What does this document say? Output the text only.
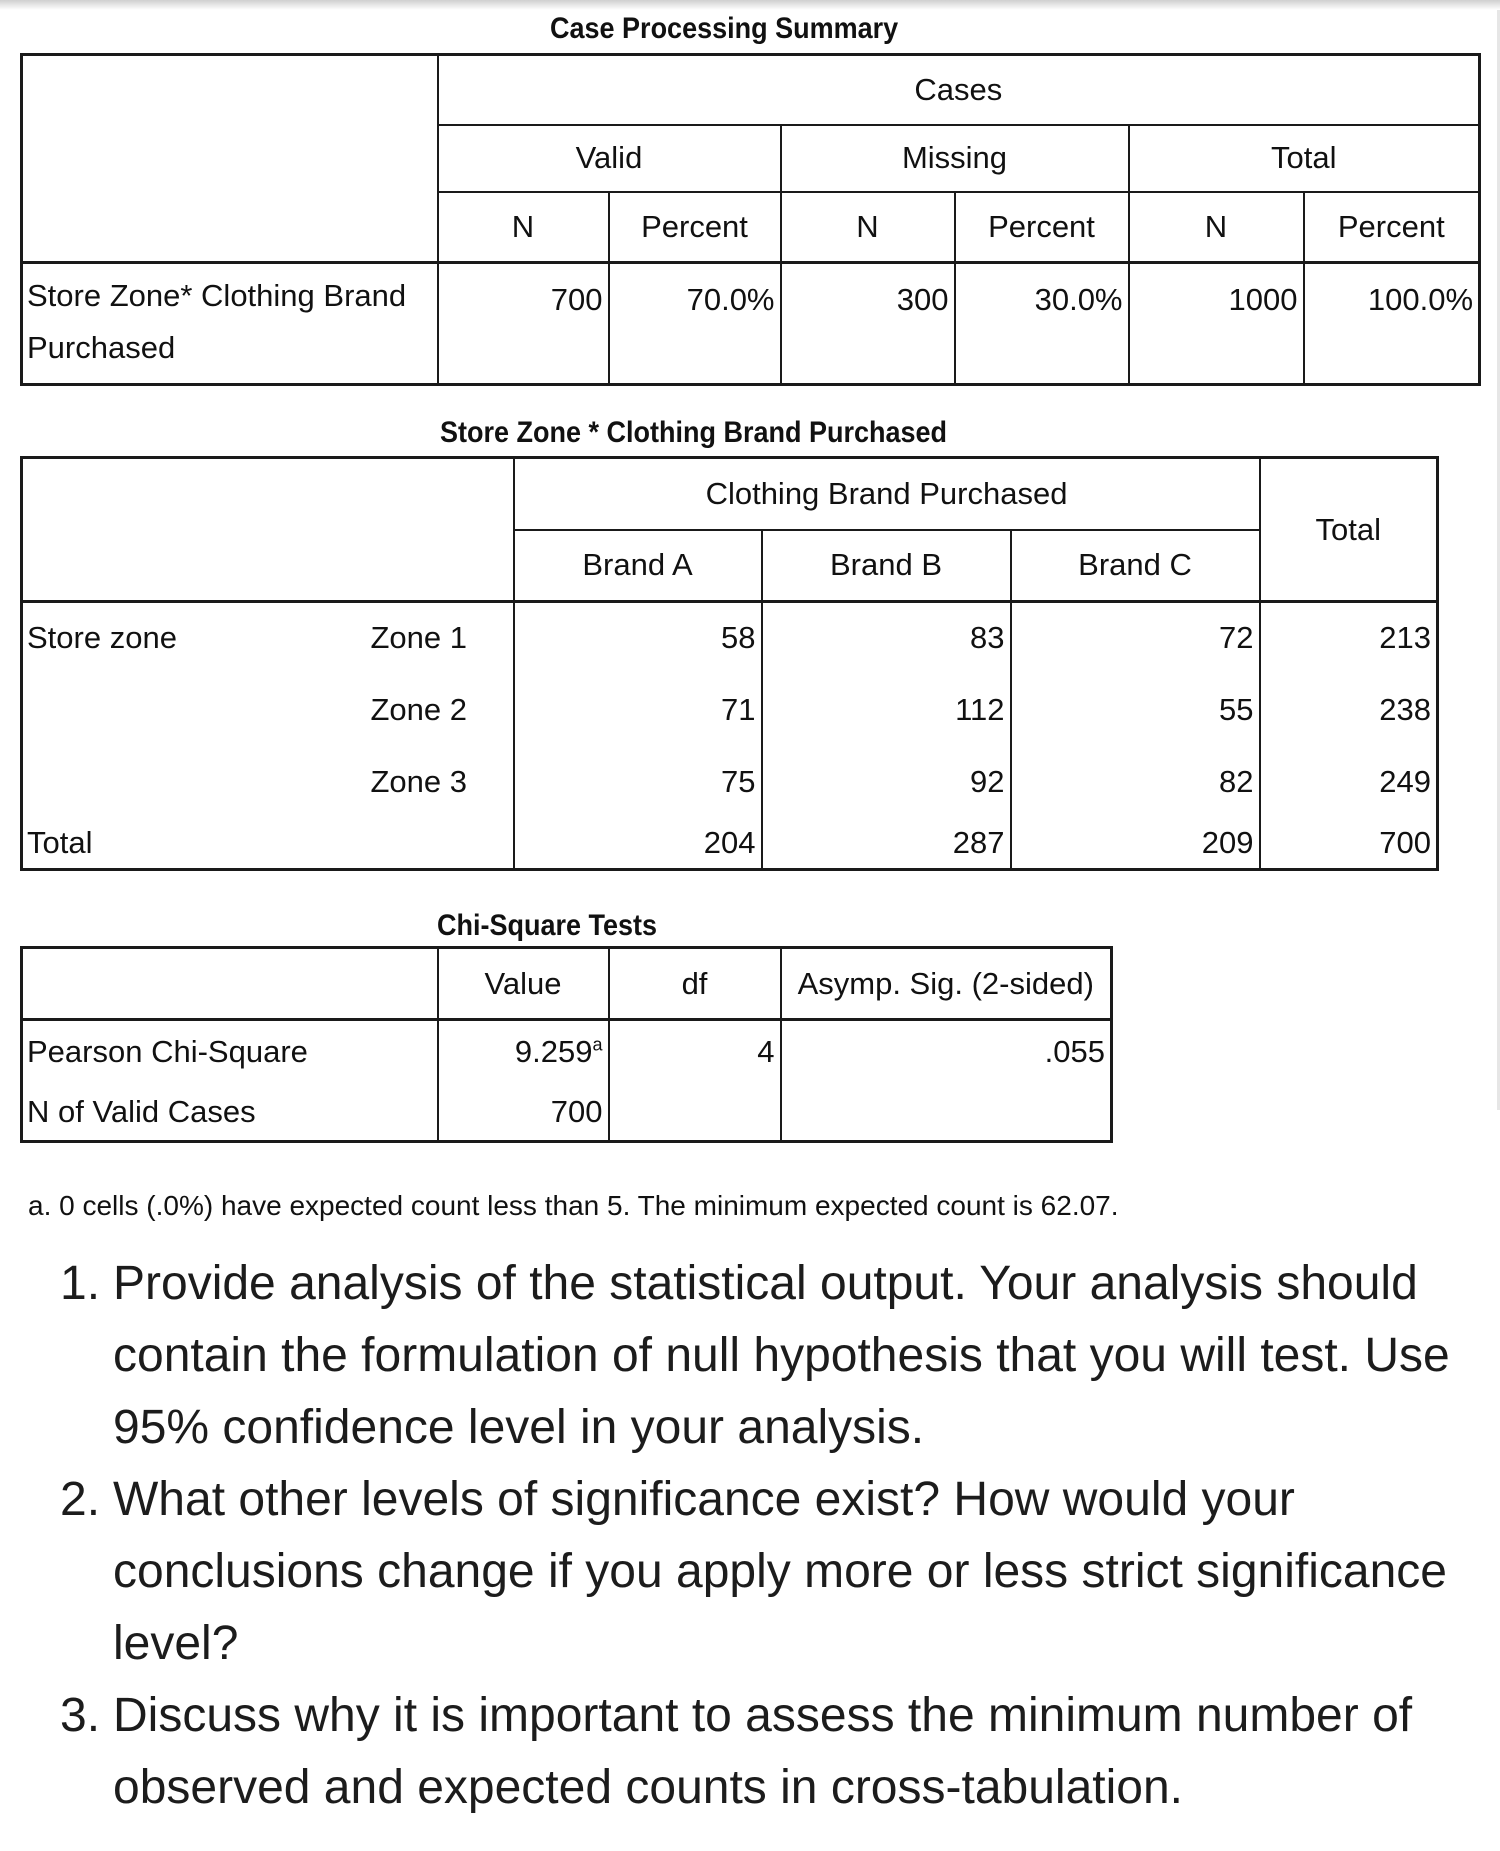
Case Processing Summary
	Cases					
	Valid		Missing		Total	
	N	Percent	N	Percent	N	Percent
Store Zone* Clothing Brand
Purchased	700	70.0%	300	30.0%	1000	100.0%
Store Zone * Clothing Brand Purchased
		Clothing Brand Purchased			Total
		Brand A	Brand B	Brand C	
Store zone	Zone 1	58	83	72	213
	Zone 2	71	112	55	238
	Zone 3	75	92	82	249
Total		204	287	209	700
Chi-Square Tests
	Value	df	Asymp. Sig. (2-sided)
Pearson Chi-Square	9.259$^a$	4	.055
N of Valid Cases	700		
a. 0 cells (.0%) have expected count less than 5. The minimum expected count is 62.07.
1. Provide analysis of the statistical output. Your analysis should contain the formulation of null hypothesis that you will test. Use 95% confidence level in your analysis.
2. What other levels of significance exist? How would your conclusions change if you apply more or less strict significance level?
3. Discuss why it is important to assess the minimum number of observed and expected counts in cross-tabulation.
